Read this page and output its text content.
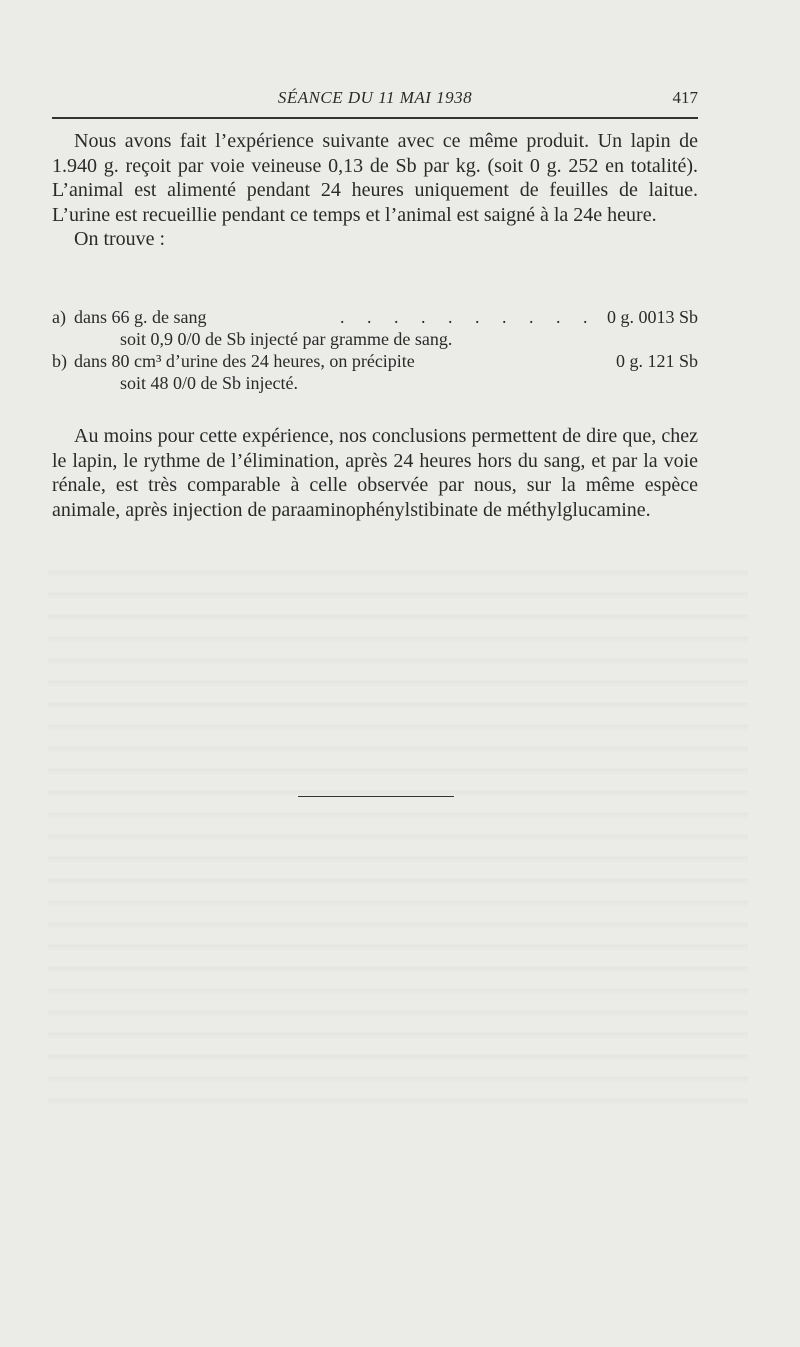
SÉANCE DU 11 MAI 1938	417

Nous avons fait l’expérience suivante avec ce même produit. Un lapin de 1.940 g. reçoit par voie veineuse 0,13 de Sb par kg. (soit 0 g. 252 en totalité). L’animal est alimenté pendant 24 heures uniquement de feuilles de laitue. L’urine est recueillie pendant ce temps et l’animal est saigné à la 24e heure.

On trouve :

a) dans 66 g. de sang	. . . . . . . . . . 0 g. 0013 Sb
soit 0,9 0/0 de Sb injecté par gramme de sang.
b) dans 80 cm³ d’urine des 24 heures, on précipite	0 g. 121 Sb
soit 48 0/0 de Sb injecté.

Au moins pour cette expérience, nos conclusions permettent de dire que, chez le lapin, le rythme de l’élimination, après 24 heures hors du sang, et par la voie rénale, est très comparable à celle observée par nous, sur la même espèce animale, après injection de paraaminophénylstibinate de méthylglucamine.
